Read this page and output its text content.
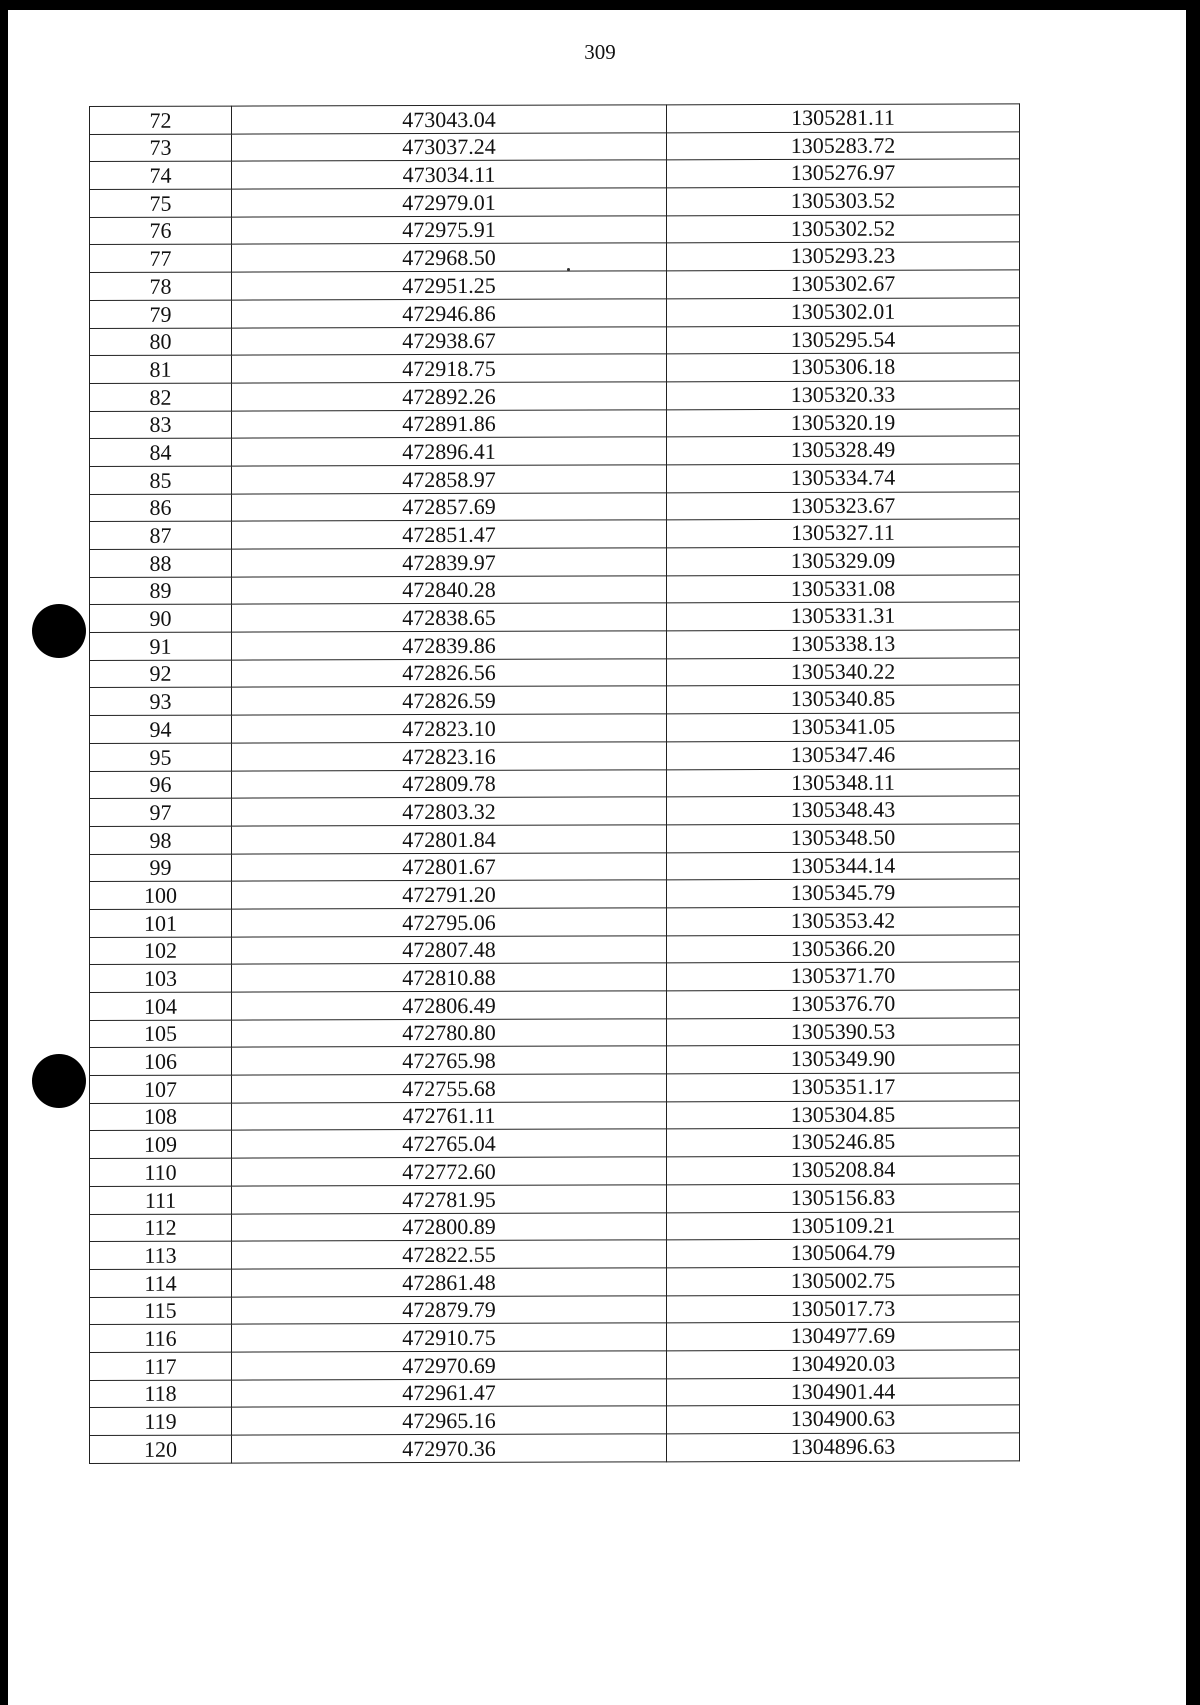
309
72	473043.04	1305281.11
73	473037.24	1305283.72
74	473034.11	1305276.97
75	472979.01	1305303.52
76	472975.91	1305302.52
77	472968.50	1305293.23
78	472951.25	1305302.67
79	472946.86	1305302.01
80	472938.67	1305295.54
81	472918.75	1305306.18
82	472892.26	1305320.33
83	472891.86	1305320.19
84	472896.41	1305328.49
85	472858.97	1305334.74
86	472857.69	1305323.67
87	472851.47	1305327.11
88	472839.97	1305329.09
89	472840.28	1305331.08
90	472838.65	1305331.31
91	472839.86	1305338.13
92	472826.56	1305340.22
93	472826.59	1305340.85
94	472823.10	1305341.05
95	472823.16	1305347.46
96	472809.78	1305348.11
97	472803.32	1305348.43
98	472801.84	1305348.50
99	472801.67	1305344.14
100	472791.20	1305345.79
101	472795.06	1305353.42
102	472807.48	1305366.20
103	472810.88	1305371.70
104	472806.49	1305376.70
105	472780.80	1305390.53
106	472765.98	1305349.90
107	472755.68	1305351.17
108	472761.11	1305304.85
109	472765.04	1305246.85
110	472772.60	1305208.84
111	472781.95	1305156.83
112	472800.89	1305109.21
113	472822.55	1305064.79
114	472861.48	1305002.75
115	472879.79	1305017.73
116	472910.75	1304977.69
117	472970.69	1304920.03
118	472961.47	1304901.44
119	472965.16	1304900.63
120	472970.36	1304896.63
